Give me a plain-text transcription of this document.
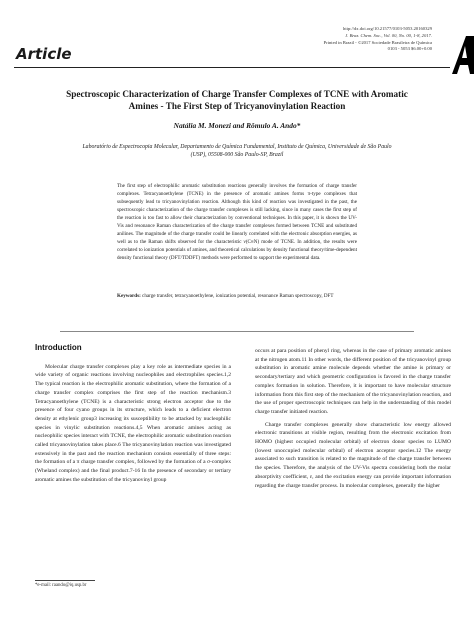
http://dx.doi.org/10.21577/0103-5053.20160329
J. Braz. Chem. Soc., Vol. 00, No. 00, 1-8, 2017.
Printed in Brazil - ©2017 Sociedade Brasileira de Química
0103 - 5053 $6.00+0.00
Article
Spectroscopic Characterization of Charge Transfer Complexes of TCNE with Aromatic Amines - The First Step of Tricyanovinylation Reaction
Natália M. Monezi and Rômulo A. Ando*
Laboratório de Espectrocopia Molecular, Departamento de Química Fundamental, Instituto de Química, Universidade de São Paulo (USP), 05508-000 São Paulo-SP, Brazil
The first step of electrophilic aromatic substitution reactions generally involves the formation of charge transfer complexes. Tetracyanoethylene (TCNE) in the presence of aromatic amines forms π-type complexes that subsequently lead to tricyanovinylation reaction. Although this kind of reaction was investigated in the past, the spectroscopic characterization of the charge transfer complexes is still lacking, since in many cases the first step of the reaction is too fast to allow their characterization by conventional techniques. In this paper, it is shown the UV-Vis and resonance Raman characterization of the charge transfer complexes formed between TCNE and substituted anilines. The magnitude of the charge transfer could be linearly correlated with the electronic absorption energies, as well as to the Raman shifts observed for the characteristic ν(C≡N) mode of TCNE. In addition, the results were correlated to ionization potentials of amines, and theoretical calculations by density functional theory/time-dependent density functional theory (DFT/TDDFT) methods were performed to support the experimental data.
Keywords: charge transfer, tetracyanoethylene, ionization potential, resonance Raman spectroscopy, DFT
Introduction

Molecular charge transfer complexes play a key role as intermediate species in a wide variety of organic reactions involving nucleophiles and electrophiles species.1,2 The typical reaction is the electrophilic aromatic substitution, where the formation of a charge transfer complex comprises the first step of the reaction mechanism.3 Tetracyanoethylene (TCNE) is a characteristic strong electron acceptor due to the presence of four cyano groups in its structure, which leads to a deficient electron density at ethylenic group3 increasing its susceptibility to be attacked by nucleophilic species in vinylic substitution reactions.4,5 When aromatic amines acting as nucleophilic species interact with TCNE, the electrophilic aromatic substitution reaction called tricyanovinylation takes place.6 The tricyanovinylation reaction was investigated extensively in the past and the reaction mechanism consists essentially of three steps: the formation of a π charge transfer complex, followed by the formation of a σ-complex (Wheland complex) and the final product.7-16 In the presence of secondary or tertiary aromatic amines the substitution of the tricyanovinyl group

occurs at para position of phenyl ring, whereas in the case of primary aromatic amines at the nitrogen atom.11 In other words, the different position of the tricyanovinyl group substitution in aromatic amine molecule depends whether the amine is primary or secondary/tertiary and which geometric configuration is favored in the charge transfer complex formation in solution. Therefore, it is important to have molecular structure information from this first step of the mechanism of the tricyanovinylation reaction, and the use of proper spectroscopic techniques can help in the understanding of this model charge transfer initiated reaction.

Charge transfer complexes generally show characteristic low energy allowed electronic transitions at visible region, resulting from the electronic excitation from HOMO (highest occupied molecular orbital) of electron donor species to LUMO (lowest unoccupied molecular orbital) of electron acceptor species.12 The energy associated to such transition is related to the magnitude of the charge transfer between the species. Therefore, the analysis of the UV-Vis spectra considering both the molar absorptivity coefficient, ε, and the excitation energy can provide important information regarding the charge transfer process. In molecular complexes, generally the higher

*e-mail: raando@iq.usp.br
